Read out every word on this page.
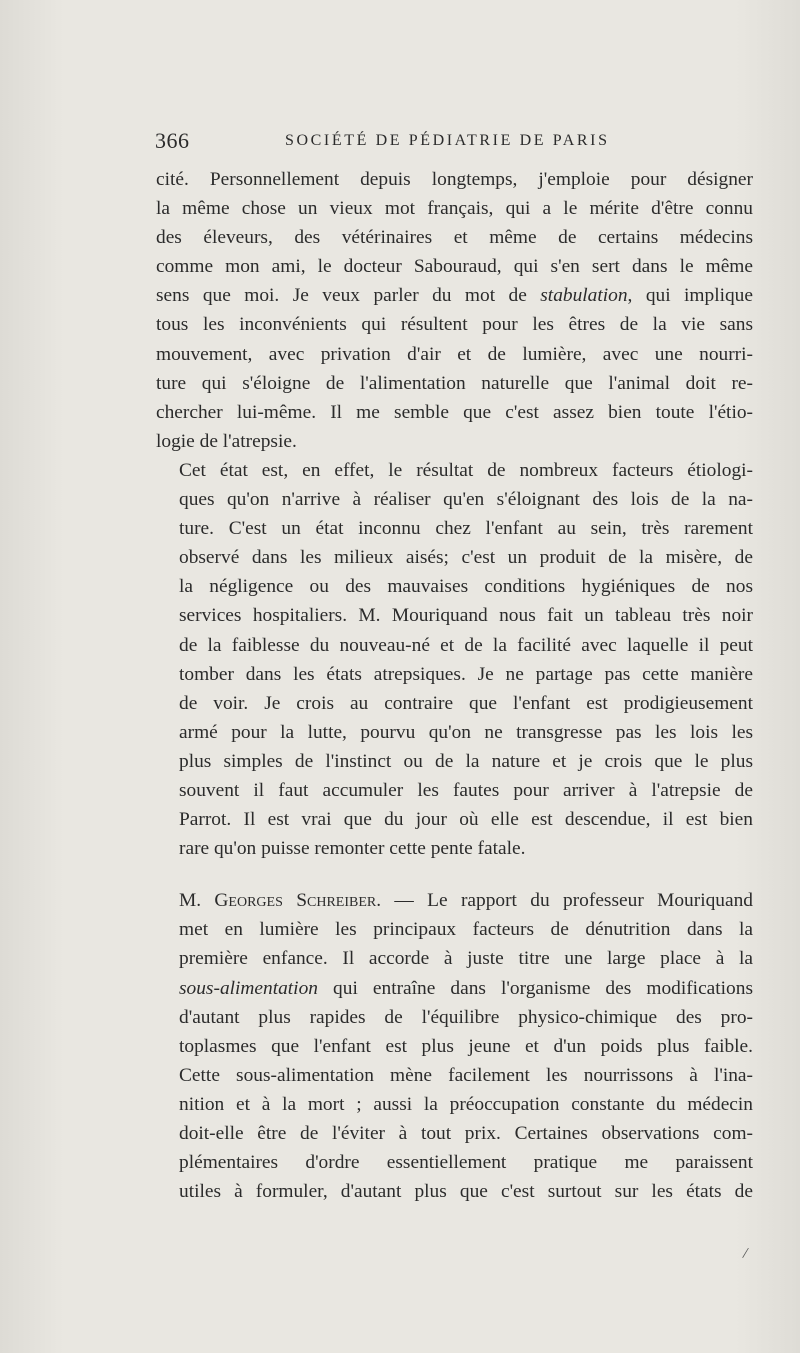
366	SOCIÉTÉ DE PÉDIATRIE DE PARIS

cité. Personnellement depuis longtemps, j'emploie pour désigner
la même chose un vieux mot français, qui a le mérite d'être connu
des éleveurs, des vétérinaires et même de certains médecins
comme mon ami, le docteur Sabouraud, qui s'en sert dans le même
sens que moi. Je veux parler du mot de stabulation, qui implique
tous les inconvénients qui résultent pour les êtres de la vie sans
mouvement, avec privation d'air et de lumière, avec une nourri-
ture qui s'éloigne de l'alimentation naturelle que l'animal doit re-
chercher lui-même. Il me semble que c'est assez bien toute l'étio-
logie de l'atrepsie.

Cet état est, en effet, le résultat de nombreux facteurs étiologi-
ques qu'on n'arrive à réaliser qu'en s'éloignant des lois de la na-
ture. C'est un état inconnu chez l'enfant au sein, très rarement
observé dans les milieux aisés; c'est un produit de la misère, de
la négligence ou des mauvaises conditions hygiéniques de nos
services hospitaliers. M. Mouriquand nous fait un tableau très noir
de la faiblesse du nouveau-né et de la facilité avec laquelle il peut
tomber dans les états atrepsiques. Je ne partage pas cette manière
de voir. Je crois au contraire que l'enfant est prodigieusement
armé pour la lutte, pourvu qu'on ne transgresse pas les lois les
plus simples de l'instinct ou de la nature et je crois que le plus
souvent il faut accumuler les fautes pour arriver à l'atrepsie de
Parrot. Il est vrai que du jour où elle est descendue, il est bien
rare qu'on puisse remonter cette pente fatale.

M. Georges Schreiber. — Le rapport du professeur Mouriquand
met en lumière les principaux facteurs de dénutrition dans la
première enfance. Il accorde à juste titre une large place à la
sous-alimentation qui entraîne dans l'organisme des modifications
d'autant plus rapides de l'équilibre physico-chimique des pro-
toplasmes que l'enfant est plus jeune et d'un poids plus faible.
Cette sous-alimentation mène facilement les nourrissons à l'ina-
nition et à la mort ; aussi la préoccupation constante du médecin
doit-elle être de l'éviter à tout prix. Certaines observations com-
plémentaires d'ordre essentiellement pratique me paraissent
utiles à formuler, d'autant plus que c'est surtout sur les états de

/
